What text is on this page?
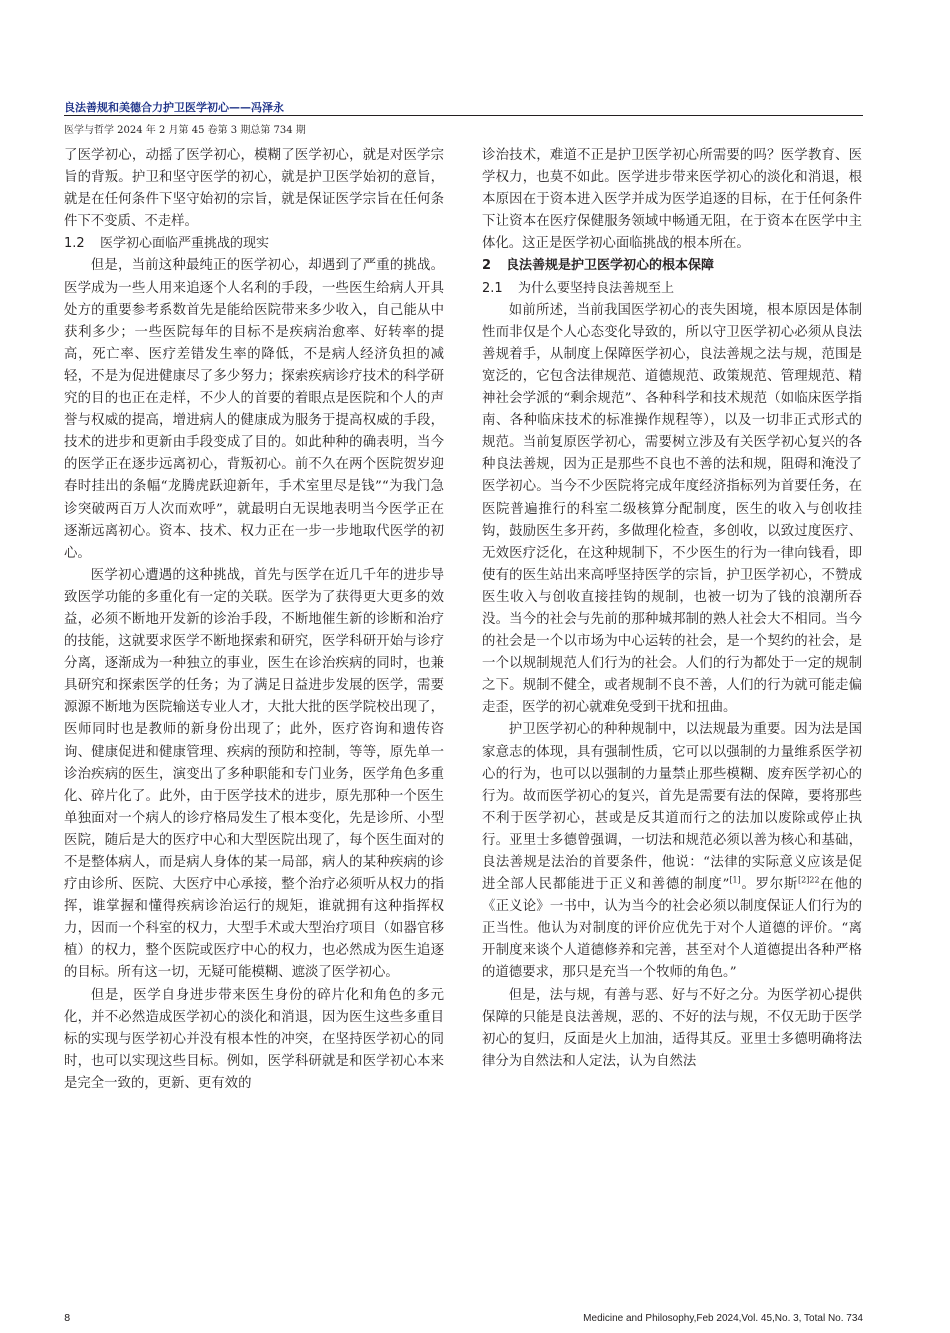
良法善规和美德合力护卫医学初心——冯泽永
医学与哲学 2024 年 2 月第 45 卷第 3 期总第 734 期

了医学初心，动摇了医学初心，模糊了医学初心，就是对医学宗旨的背叛。护卫和坚守医学的初心，就是护卫医学始初的意旨，就是在任何条件下坚守始初的宗旨，就是保证医学宗旨在任何条件下不变质、不走样。

1.2 医学初心面临严重挑战的现实

但是，当前这种最纯正的医学初心，却遇到了严重的挑战。医学成为一些人用来追逐个人名利的手段，一些医生给病人开具处方的重要参考系数首先是能给医院带来多少收入，自己能从中获利多少；一些医院每年的目标不是疾病治愈率、好转率的提高，死亡率、医疗差错发生率的降低，不是病人经济负担的减轻，不是为促进健康尽了多少努力；探索疾病诊疗技术的科学研究的目的也正在走样，不少人的首要的着眼点是医院和个人的声誉与权威的提高，增进病人的健康成为服务于提高权威的手段，技术的进步和更新由手段变成了目的。如此种种的确表明，当今的医学正在逐步远离初心，背叛初心。前不久在两个医院贺岁迎春时挂出的条幅“龙腾虎跃迎新年，手术室里尽是钱”“为我门急诊突破两百万人次而欢呼”，就最明白无误地表明当今医学正在逐渐远离初心。资本、技术、权力正在一步一步地取代医学的初心。

医学初心遭遇的这种挑战，首先与医学在近几千年的进步导致医学功能的多重化有一定的关联。医学为了获得更大更多的效益，必须不断地开发新的诊治手段，不断地催生新的诊断和治疗的技能，这就要求医学不断地探索和研究，医学科研开始与诊疗分离，逐渐成为一种独立的事业，医生在诊治疾病的同时，也兼具研究和探索医学的任务；为了满足日益进步发展的医学，需要源源不断地为医院输送专业人才，大批大批的医学院校出现了，医师同时也是教师的新身份出现了；此外，医疗咨询和遗传咨询、健康促进和健康管理、疾病的预防和控制，等等，原先单一诊治疾病的医生，演变出了多种职能和专门业务，医学角色多重化、碎片化了。此外，由于医学技术的进步，原先那种一个医生单独面对一个病人的诊疗格局发生了根本变化，先是诊所、小型医院，随后是大的医疗中心和大型医院出现了，每个医生面对的不是整体病人，而是病人身体的某一局部，病人的某种疾病的诊疗由诊所、医院、大医疗中心承接，整个治疗必须听从权力的指挥，谁掌握和懂得疾病诊治运行的规矩，谁就拥有这种指挥权力，因而一个科室的权力，大型手术或大型治疗项目（如器官移植）的权力，整个医院或医疗中心的权力，也必然成为医生追逐的目标。所有这一切，无疑可能模糊、遮淡了医学初心。

但是，医学自身进步带来医生身份的碎片化和角色的多元化，并不必然造成医学初心的淡化和消退，因为医生这些多重目标的实现与医学初心并没有根本性的冲突，在坚持医学初心的同时，也可以实现这些目标。例如，医学科研就是和医学初心本来是完全一致的，更新、更有效的

诊治技术，难道不正是护卫医学初心所需要的吗？医学教育、医学权力，也莫不如此。医学进步带来医学初心的淡化和消退，根本原因在于资本进入医学并成为医学追逐的目标，在于任何条件下让资本在医疗保健服务领域中畅通无阻，在于资本在医学中主体化。这正是医学初心面临挑战的根本所在。

2 良法善规是护卫医学初心的根本保障
2.1 为什么要坚持良法善规至上

如前所述，当前我国医学初心的丧失困境，根本原因是体制性而非仅是个人心态变化导致的，所以守卫医学初心必须从良法善规着手，从制度上保障医学初心，良法善规之法与规，范围是宽泛的，它包含法律规范、道德规范、政策规范、管理规范、精神社会学派的“剩余规范”、各种科学和技术规范（如临床医学指南、各种临床技术的标准操作规程等），以及一切非正式形式的规范。当前复原医学初心，需要树立涉及有关医学初心复兴的各种良法善规，因为正是那些不良也不善的法和规，阻碍和淹没了医学初心。当今不少医院将完成年度经济指标列为首要任务，在医院普遍推行的科室二级核算分配制度，医生的收入与创收挂钩，鼓励医生多开药，多做理化检查，多创收，以致过度医疗、无效医疗泛化，在这种规制下，不少医生的行为一律向钱看，即使有的医生站出来高呼坚持医学的宗旨，护卫医学初心，不赞成医生收入与创收直接挂钩的规制，也被一切为了钱的浪潮所吞没。当今的社会与先前的那种城邦制的熟人社会大不相同。当今的社会是一个以市场为中心运转的社会，是一个契约的社会，是一个以规制规范人们行为的社会。人们的行为都处于一定的规制之下。规制不健全，或者规制不良不善，人们的行为就可能走偏走歪，医学的初心就难免受到干扰和扭曲。

护卫医学初心的种种规制中，以法规最为重要。因为法是国家意志的体现，具有强制性质，它可以以强制的力量维系医学初心的行为，也可以以强制的力量禁止那些模糊、废弃医学初心的行为。故而医学初心的复兴，首先是需要有法的保障，要将那些不利于医学初心，甚或是反其道而行之的法加以废除或停止执行。亚里士多德曾强调，一切法和规范必须以善为核心和基础，良法善规是法治的首要条件，他说：“法律的实际意义应该是促进全部人民都能进于正义和善德的制度”[1]。罗尔斯$^{[2]22}$在他的《正义论》一书中，认为当今的社会必须以制度保证人们行为的正当性。他认为对制度的评价应优先于对个人道德的评价。“离开制度来谈个人道德修养和完善，甚至对个人道德提出各种严格的道德要求，那只是充当一个牧师的角色。”

但是，法与规，有善与恶、好与不好之分。为医学初心提供保障的只能是良法善规，恶的、不好的法与规，不仅无助于医学初心的复归，反面是火上加油，适得其反。亚里士多德明确将法律分为自然法和人定法，认为自然法

8	Medicine and Philosophy,Feb 2024,Vol. 45,No. 3, Total No. 734
